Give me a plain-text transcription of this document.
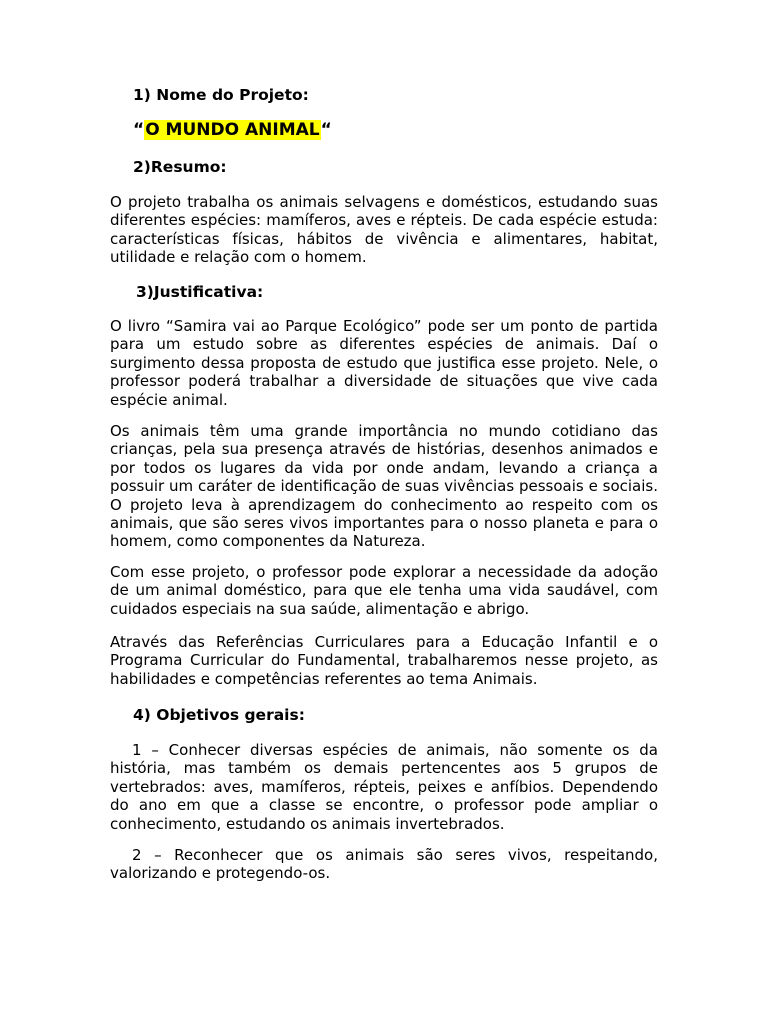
1) Nome do Projeto:

“O MUNDO ANIMAL“

2)Resumo:

O projeto trabalha os animais selvagens e domésticos, estudando suas diferentes espécies: mamíferos, aves e répteis. De cada espécie estuda: características físicas, hábitos de vivência e alimentares, habitat, utilidade e relação com o homem.

3)Justificativa:

O livro “Samira vai ao Parque Ecológico” pode ser um ponto de partida para um estudo sobre as diferentes espécies de animais. Daí o surgimento dessa proposta de estudo que justifica esse projeto. Nele, o professor poderá trabalhar a diversidade de situações que vive cada espécie animal.

Os animais têm uma grande importância no mundo cotidiano das crianças, pela sua presença através de histórias, desenhos animados e por todos os lugares da vida por onde andam, levando a criança a possuir um caráter de identificação de suas vivências pessoais e sociais. O projeto leva à aprendizagem do conhecimento ao respeito com os animais, que são seres vivos importantes para o nosso planeta e para o homem, como componentes da Natureza.

Com esse projeto, o professor pode explorar a necessidade da adoção de um animal doméstico, para que ele tenha uma vida saudável, com cuidados especiais na sua saúde, alimentação e abrigo.

Através das Referências Curriculares para a Educação Infantil e o Programa Curricular do Fundamental, trabalharemos nesse projeto, as habilidades e competências referentes ao tema Animais.

4) Objetivos gerais:

1 – Conhecer diversas espécies de animais, não somente os da história, mas também os demais pertencentes aos 5 grupos de vertebrados: aves, mamíferos, répteis, peixes e anfíbios. Dependendo do ano em que a classe se encontre, o professor pode ampliar o conhecimento, estudando os animais invertebrados.

2 – Reconhecer que os animais são seres vivos, respeitando, valorizando e protegendo-os.
